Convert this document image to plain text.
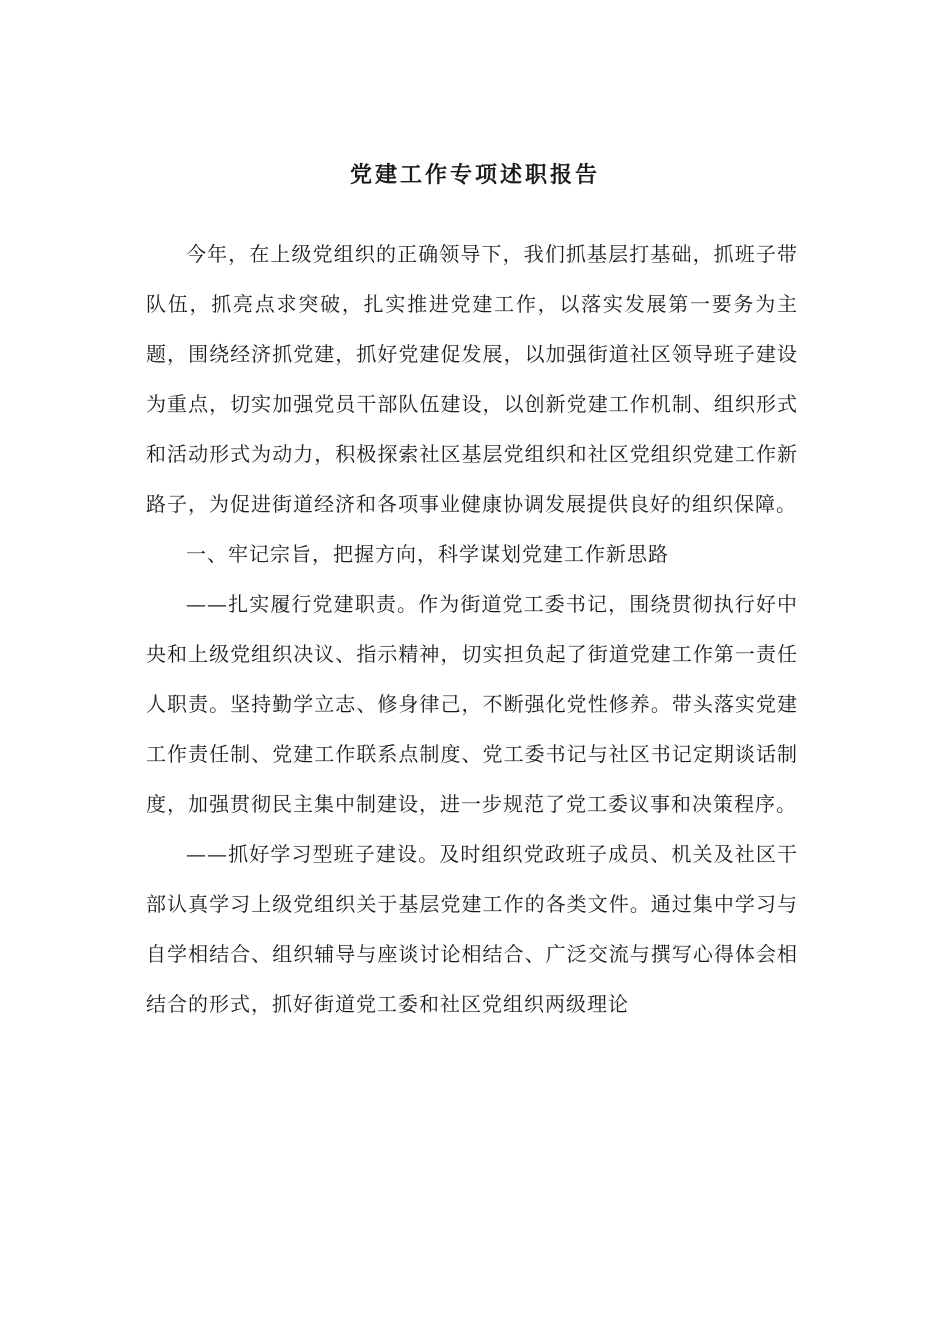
党建工作专项述职报告

今年，在上级党组织的正确领导下，我们抓基层打基础，抓班子带队伍，抓亮点求突破，扎实推进党建工作，以落实发展第一要务为主题，围绕经济抓党建，抓好党建促发展，以加强街道社区领导班子建设为重点，切实加强党员干部队伍建设，以创新党建工作机制、组织形式和活动形式为动力，积极探索社区基层党组织和社区党组织党建工作新路子，为促进街道经济和各项事业健康协调发展提供良好的组织保障。

一、牢记宗旨，把握方向，科学谋划党建工作新思路

——扎实履行党建职责。作为街道党工委书记，围绕贯彻执行好中央和上级党组织决议、指示精神，切实担负起了街道党建工作第一责任人职责。坚持勤学立志、修身律己，不断强化党性修养。带头落实党建工作责任制、党建工作联系点制度、党工委书记与社区书记定期谈话制度，加强贯彻民主集中制建设，进一步规范了党工委议事和决策程序。

——抓好学习型班子建设。及时组织党政班子成员、机关及社区干部认真学习上级党组织关于基层党建工作的各类文件。通过集中学习与自学相结合、组织辅导与座谈讨论相结合、广泛交流与撰写心得体会相结合的形式，抓好街道党工委和社区党组织两级理论
